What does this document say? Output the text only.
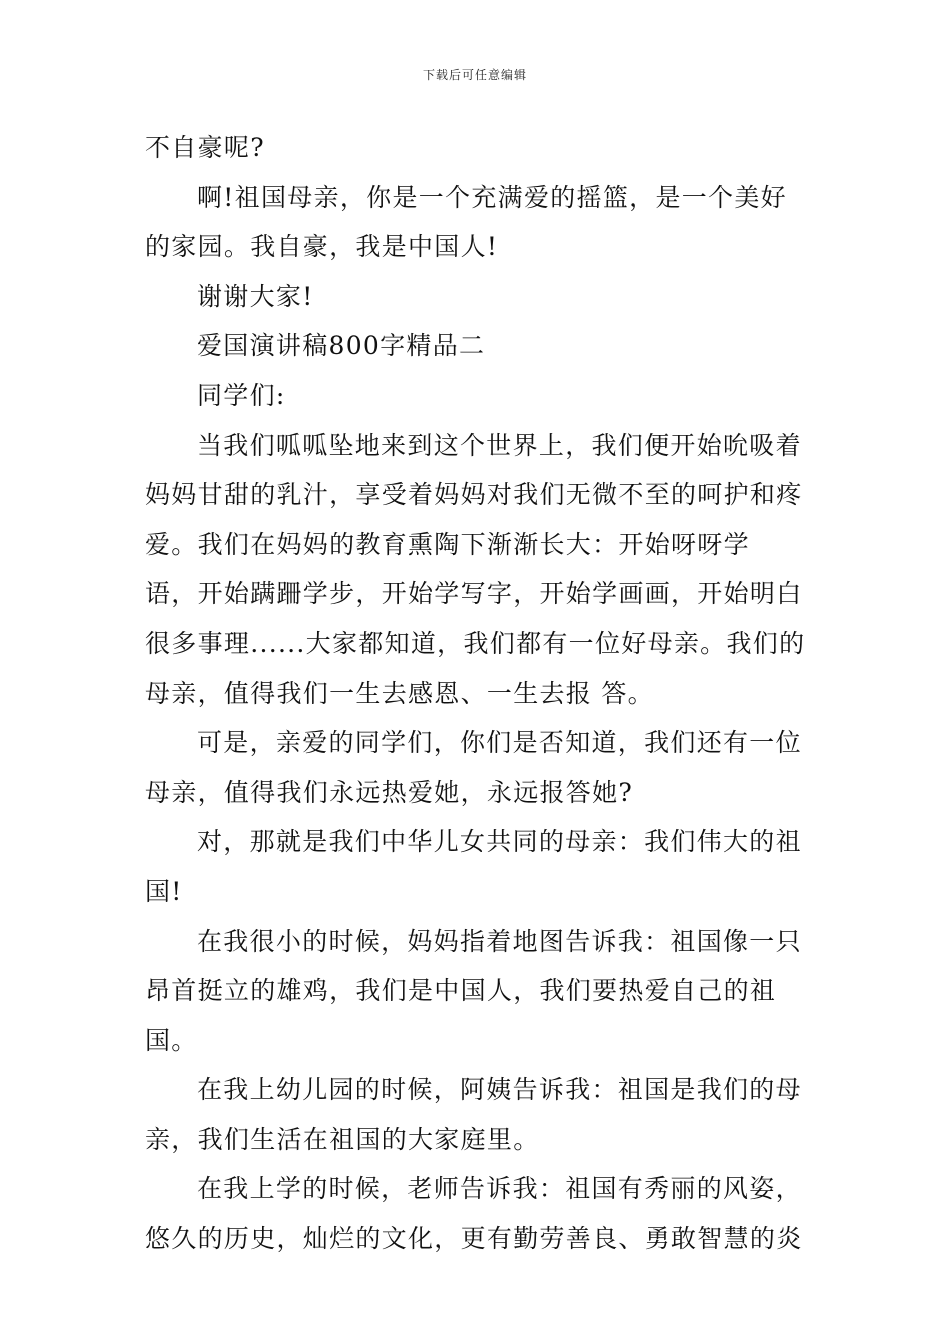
下载后可任意编辑

不自豪呢?

啊!祖国母亲，你是一个充满爱的摇篮，是一个美好的家园。我自豪，我是中国人!

谢谢大家!

爱国演讲稿800字精品二

同学们:

当我们呱呱坠地来到这个世界上，我们便开始吮吸着妈妈甘甜的乳汁，享受着妈妈对我们无微不至的呵护和疼爱。我们在妈妈的教育熏陶下渐渐长大：开始呀呀学 语，开始蹒跚学步，开始学写字，开始学画画，开始明白很多事理......大家都知道，我们都有一位好母亲。我们的母亲，值得我们一生去感恩、一生去报 答。

可是，亲爱的同学们，你们是否知道，我们还有一位母亲，值得我们永远热爱她，永远报答她?

对，那就是我们中华儿女共同的母亲：我们伟大的祖国!

在我很小的时候，妈妈指着地图告诉我：祖国像一只昂首挺立的雄鸡，我们是中国人，我们要热爱自己的祖国。

在我上幼儿园的时候，阿姨告诉我：祖国是我们的母亲，我们生活在祖国的大家庭里。

在我上学的时候，老师告诉我：祖国有秀丽的风姿，悠久的历史，灿烂的文化，更有勤劳善良、勇敢智慧的炎
